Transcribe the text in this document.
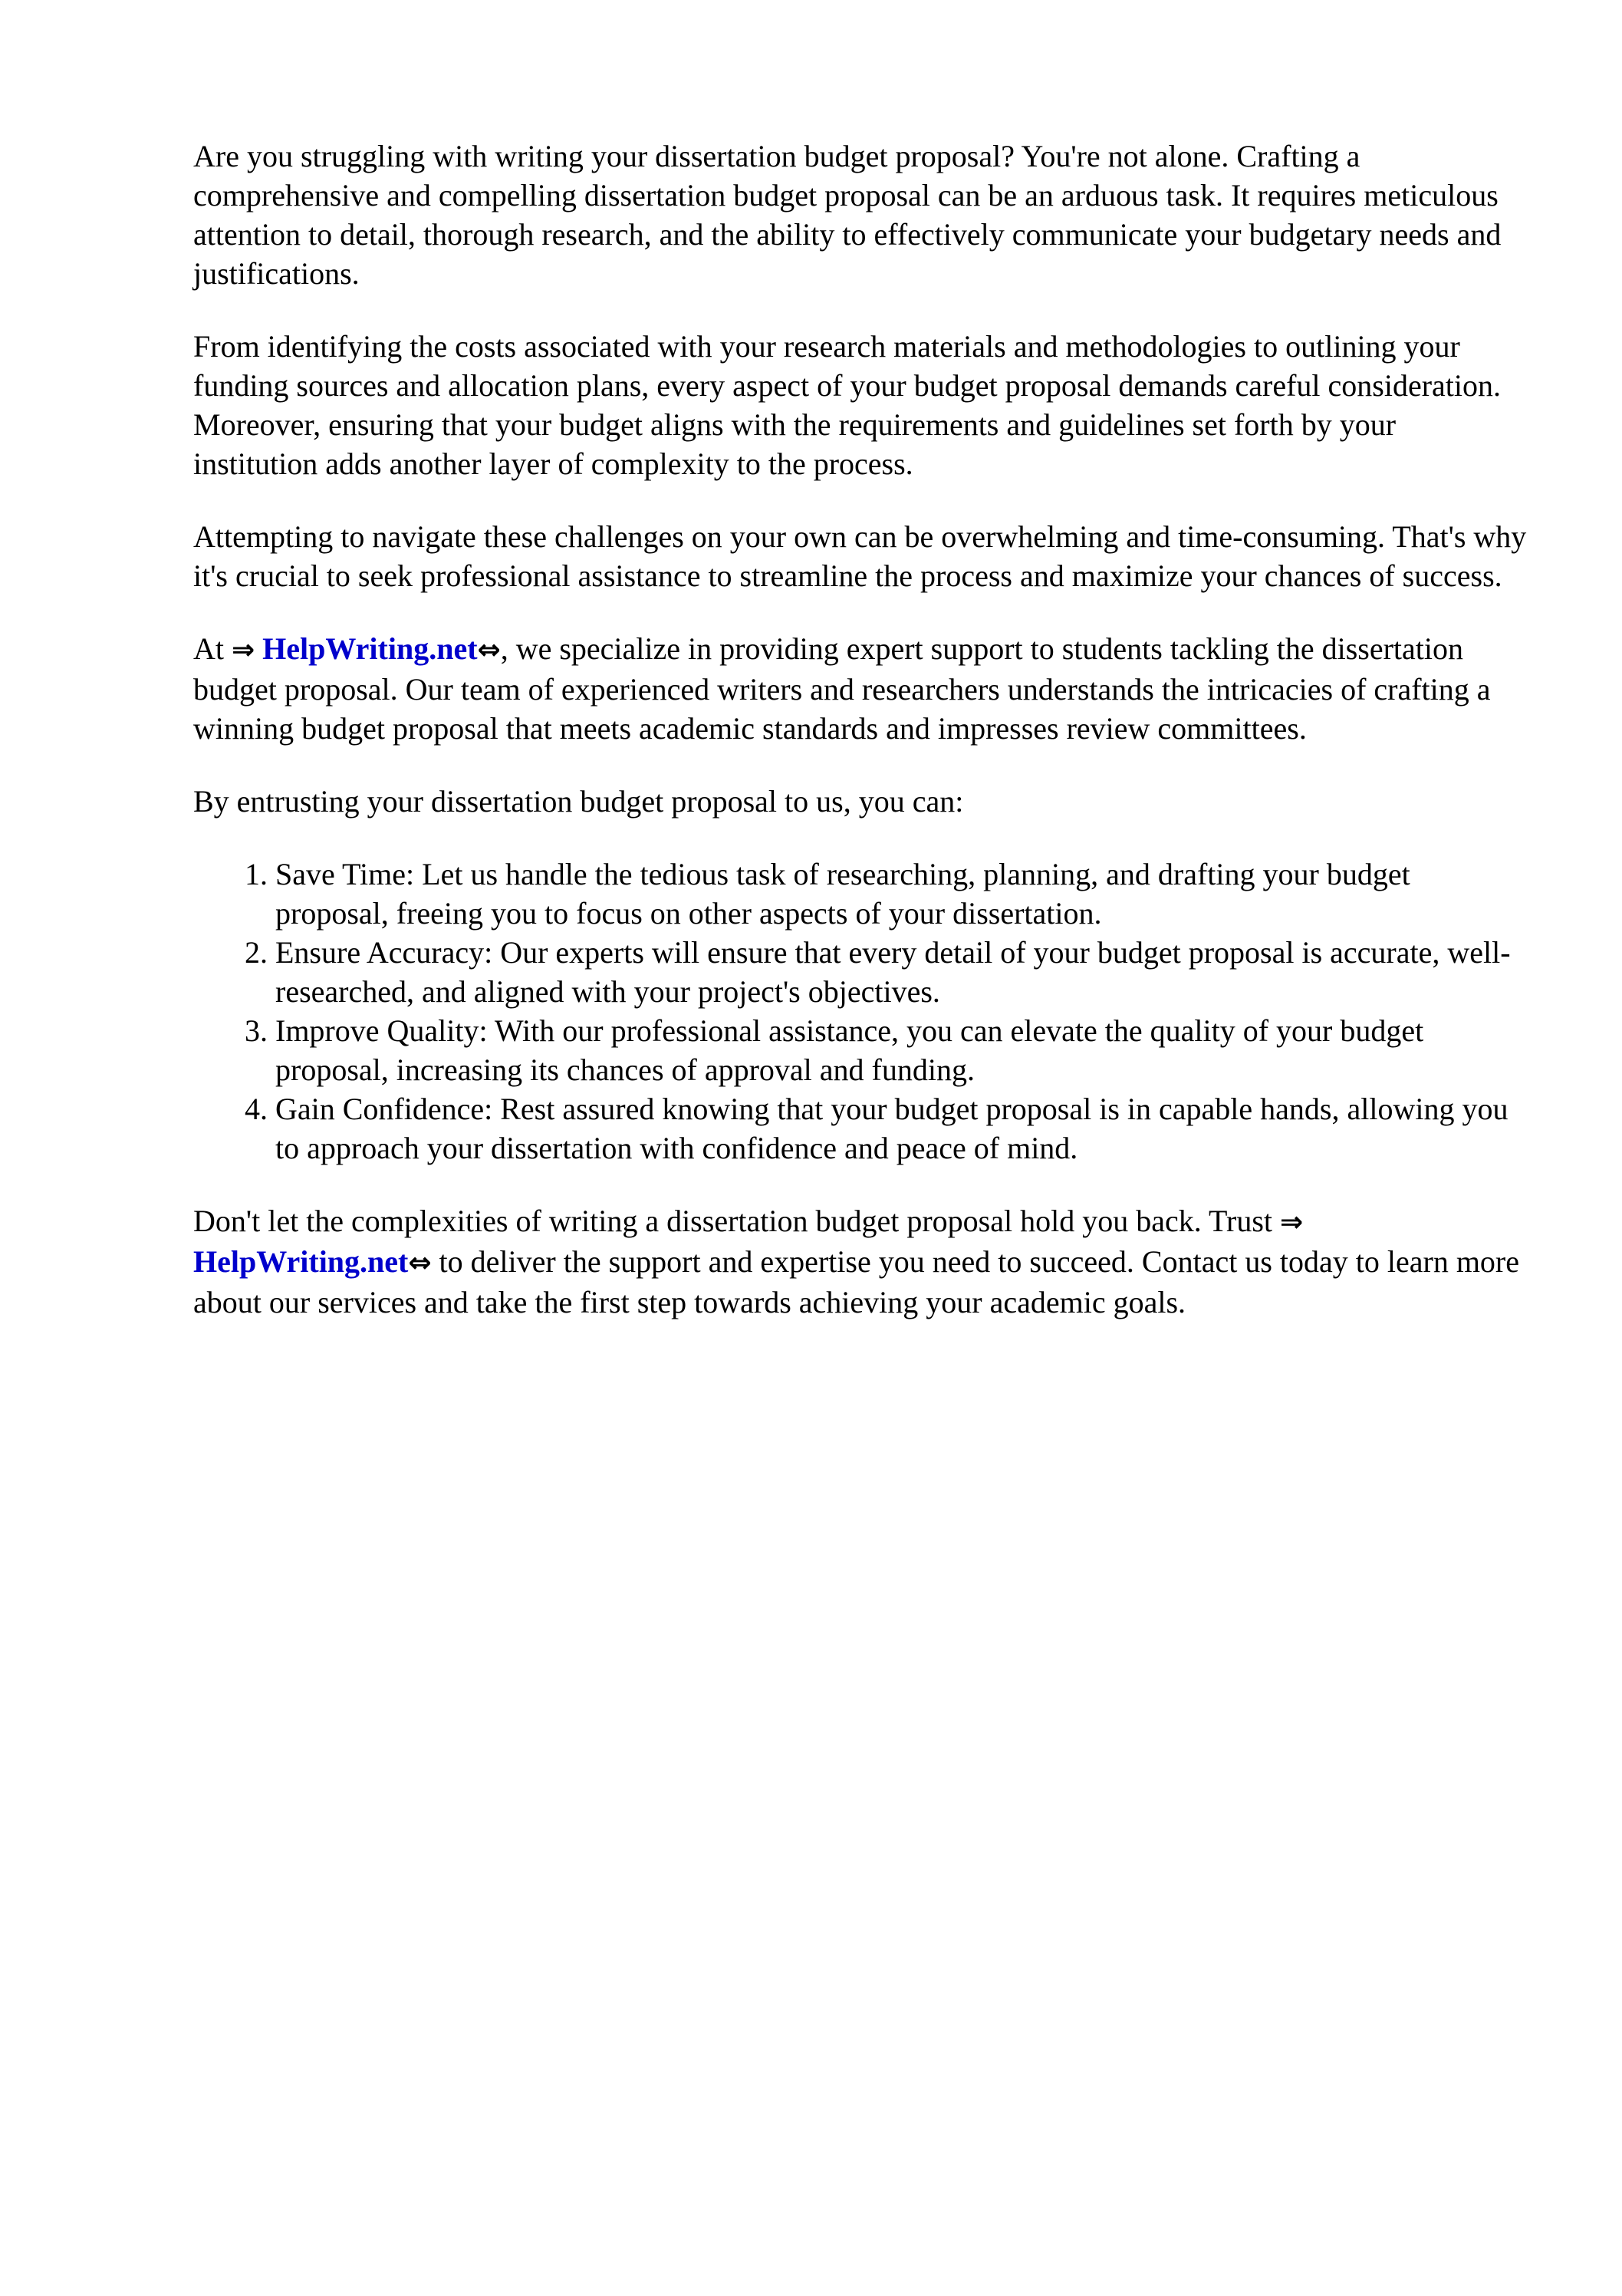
Are you struggling with writing your dissertation budget proposal? You're not alone. Crafting a comprehensive and compelling dissertation budget proposal can be an arduous task. It requires meticulous attention to detail, thorough research, and the ability to effectively communicate your budgetary needs and justifications.

From identifying the costs associated with your research materials and methodologies to outlining your funding sources and allocation plans, every aspect of your budget proposal demands careful consideration. Moreover, ensuring that your budget aligns with the requirements and guidelines set forth by your institution adds another layer of complexity to the process.

Attempting to navigate these challenges on your own can be overwhelming and time-consuming. That's why it's crucial to seek professional assistance to streamline the process and maximize your chances of success.

At ⇒ HelpWriting.net⇔, we specialize in providing expert support to students tackling the dissertation budget proposal. Our team of experienced writers and researchers understands the intricacies of crafting a winning budget proposal that meets academic standards and impresses review committees.

By entrusting your dissertation budget proposal to us, you can:

1. Save Time: Let us handle the tedious task of researching, planning, and drafting your budget proposal, freeing you to focus on other aspects of your dissertation.
2. Ensure Accuracy: Our experts will ensure that every detail of your budget proposal is accurate, well-researched, and aligned with your project's objectives.
3. Improve Quality: With our professional assistance, you can elevate the quality of your budget proposal, increasing its chances of approval and funding.
4. Gain Confidence: Rest assured knowing that your budget proposal is in capable hands, allowing you to approach your dissertation with confidence and peace of mind.

Don't let the complexities of writing a dissertation budget proposal hold you back. Trust ⇒ HelpWriting.net⇔ to deliver the support and expertise you need to succeed. Contact us today to learn more about our services and take the first step towards achieving your academic goals.
